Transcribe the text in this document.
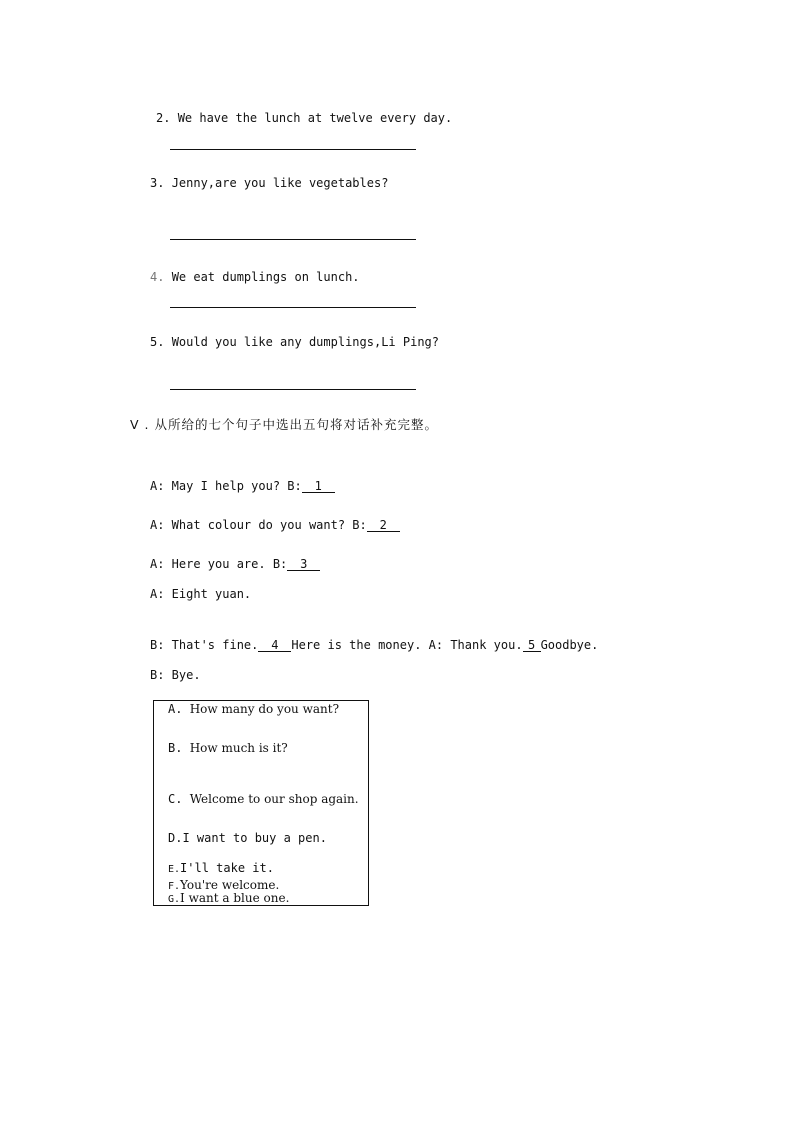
2. We have the lunch at twelve every day.
3. Jenny,are you like vegetables?
4. We eat dumplings on lunch.
5. Would you like any dumplings,Li Ping?
Ⅴ . 从所给的七个句子中选出五句将对话补充完整。
A: May I help you? B: 1
A: What colour do you want? B: 2
A: Here you are. B: 3
A: Eight yuan.
B: That's fine. 4 Here is the money. A: Thank you. 5 Goodbye.
B: Bye.
A. How many do you want?
B. How much is it?
C. Welcome to our shop again.
D.I want to buy a pen.
E.I'll take it.
F.You're welcome.
G.I want a blue one.
